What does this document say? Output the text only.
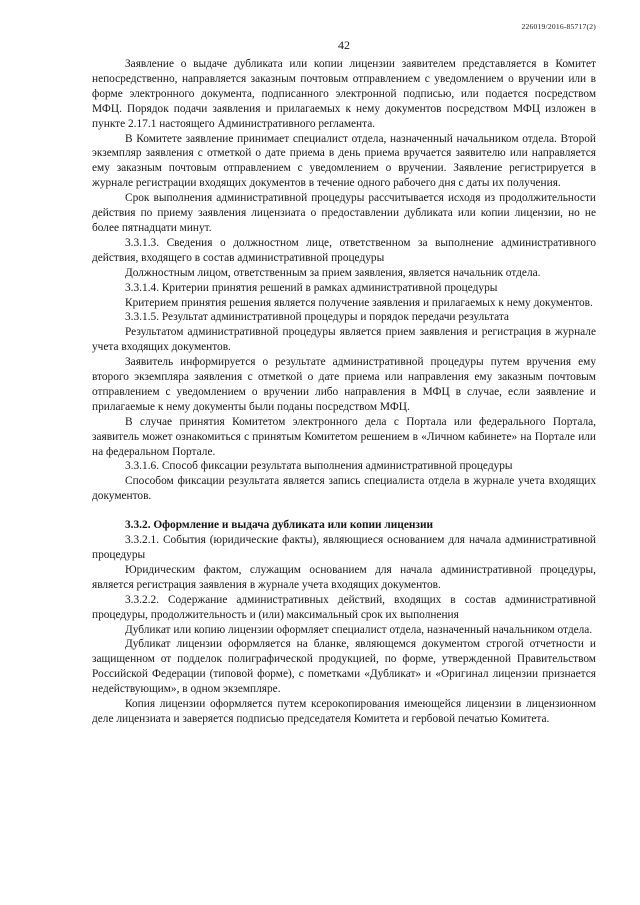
226019/2016-85717(2)
42

Заявление о выдаче дубликата или копии лицензии заявителем представляется в Комитет непосредственно, направляется заказным почтовым отправлением с уведомлением о вручении или в форме электронного документа, подписанного электронной подписью, или подается посредством МФЦ. Порядок подачи заявления и прилагаемых к нему документов посредством МФЦ изложен в пункте 2.17.1 настоящего Административного регламента.

В Комитете заявление принимает специалист отдела, назначенный начальником отдела. Второй экземпляр заявления с отметкой о дате приема в день приема вручается заявителю или направляется ему заказным почтовым отправлением с уведомлением о вручении. Заявление регистрируется в журнале регистрации входящих документов в течение одного рабочего дня с даты их получения.

Срок выполнения административной процедуры рассчитывается исходя из продолжительности действия по приему заявления лицензиата о предоставлении дубликата или копии лицензии, но не более пятнадцати минут.

3.3.1.3. Сведения о должностном лице, ответственном за выполнение административного действия, входящего в состав административной процедуры

Должностным лицом, ответственным за прием заявления, является начальник отдела.

3.3.1.4. Критерии принятия решений в рамках административной процедуры

Критерием принятия решения является получение заявления и прилагаемых к нему документов.

3.3.1.5. Результат административной процедуры и порядок передачи результата

Результатом административной процедуры является прием заявления и регистрация в журнале учета входящих документов.

Заявитель информируется о результате административной процедуры путем вручения ему второго экземпляра заявления с отметкой о дате приема или направления ему заказным почтовым отправлением с уведомлением о вручении либо направления в МФЦ в случае, если заявление и прилагаемые к нему документы были поданы посредством МФЦ.

В случае принятия Комитетом электронного дела с Портала или федерального Портала, заявитель может ознакомиться с принятым Комитетом решением в «Личном кабинете» на Портале или на федеральном Портале.

3.3.1.6. Способ фиксации результата выполнения административной процедуры

Способом фиксации результата является запись специалиста отдела в журнале учета входящих документов.

3.3.2. Оформление и выдача дубликата или копии лицензии

3.3.2.1. События (юридические факты), являющиеся основанием для начала административной процедуры

Юридическим фактом, служащим основанием для начала административной процедуры, является регистрация заявления в журнале учета входящих документов.

3.3.2.2. Содержание административных действий, входящих в состав административной процедуры, продолжительность и (или) максимальный срок их выполнения

Дубликат или копию лицензии оформляет специалист отдела, назначенный начальником отдела.

Дубликат лицензии оформляется на бланке, являющемся документом строгой отчетности и защищенном от подделок полиграфической продукцией, по форме, утвержденной Правительством Российской Федерации (типовой форме), с пометками «Дубликат» и «Оригинал лицензии признается недействующим», в одном экземпляре.

Копия лицензии оформляется путем ксерокопирования имеющейся лицензии в лицензионном деле лицензиата и заверяется подписью председателя Комитета и гербовой печатью Комитета.
